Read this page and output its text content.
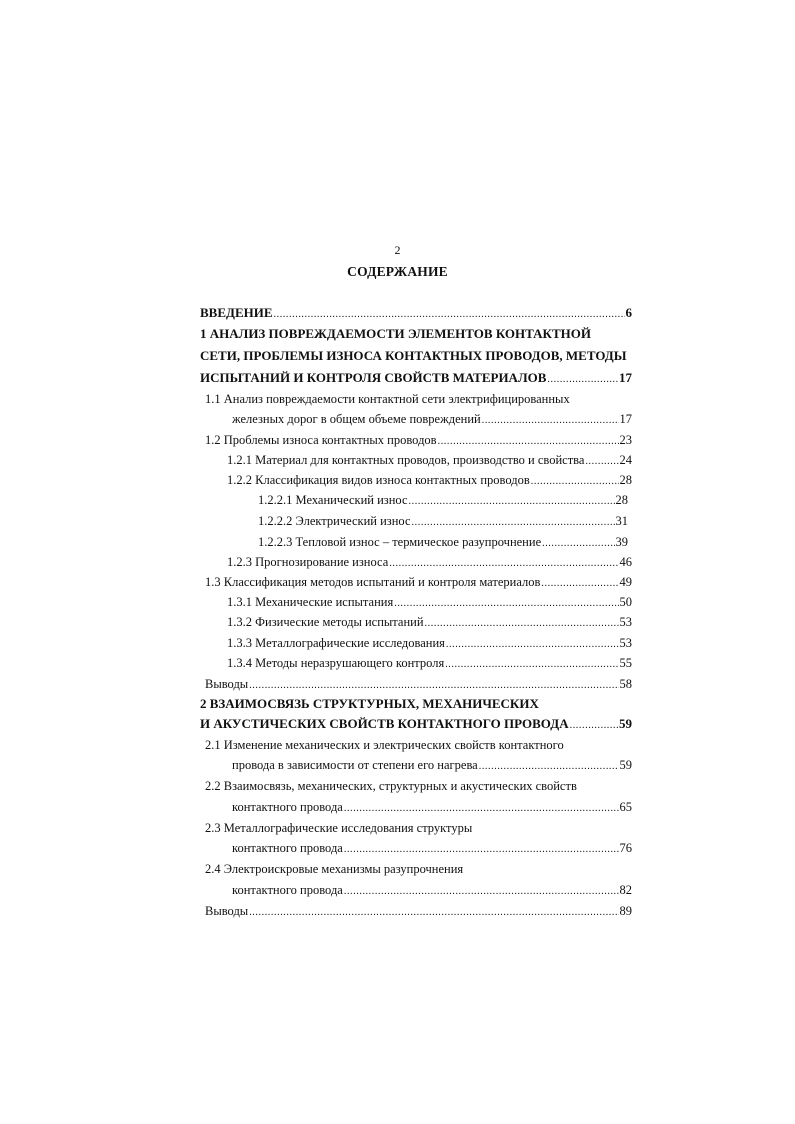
2
СОДЕРЖАНИЕ
ВВЕДЕНИЕ .....	6
1 АНАЛИЗ ПОВРЕЖДАЕМОСТИ ЭЛЕМЕНТОВ КОНТАКТНОЙ
СЕТИ, ПРОБЛЕМЫ ИЗНОСА КОНТАКТНЫХ ПРОВОДОВ, МЕТОДЫ
ИСПЫТАНИЙ И КОНТРОЛЯ СВОЙСТВ МАТЕРИАЛОВ .....	17
1.1 Анализ повреждаемости контактной сети электрифицированных
железных дорог в общем объеме повреждений .....	17
1.2 Проблемы износа контактных проводов .....	23
1.2.1 Материал для контактных проводов, производство и свойства .....	24
1.2.2 Классификация видов износа контактных проводов .....	28
1.2.2.1 Механический износ .....	28
1.2.2.2 Электрический износ .....	31
1.2.2.3 Тепловой износ – термическое разупрочнение .....	39
1.2.3 Прогнозирование износа .....	46
1.3 Классификация методов испытаний и контроля материалов .....	49
1.3.1 Механические испытания .....	50
1.3.2 Физические методы испытаний .....	53
1.3.3 Металлографические исследования .....	53
1.3.4 Методы неразрушающего контроля .....	55
Выводы .....	58
2 ВЗАИМОСВЯЗЬ СТРУКТУРНЫХ, МЕХАНИЧЕСКИХ
И АКУСТИЧЕСКИХ СВОЙСТВ КОНТАКТНОГО ПРОВОДА .....	59
2.1 Изменение механических и электрических свойств контактного
провода в зависимости от степени его нагрева .....	59
2.2 Взаимосвязь, механических, структурных и акустических свойств
контактного провода .....	65
2.3 Металлографические исследования структуры
контактного провода .....	76
2.4 Электроискровые механизмы разупрочнения
контактного провода .....	82
Выводы .....	89
